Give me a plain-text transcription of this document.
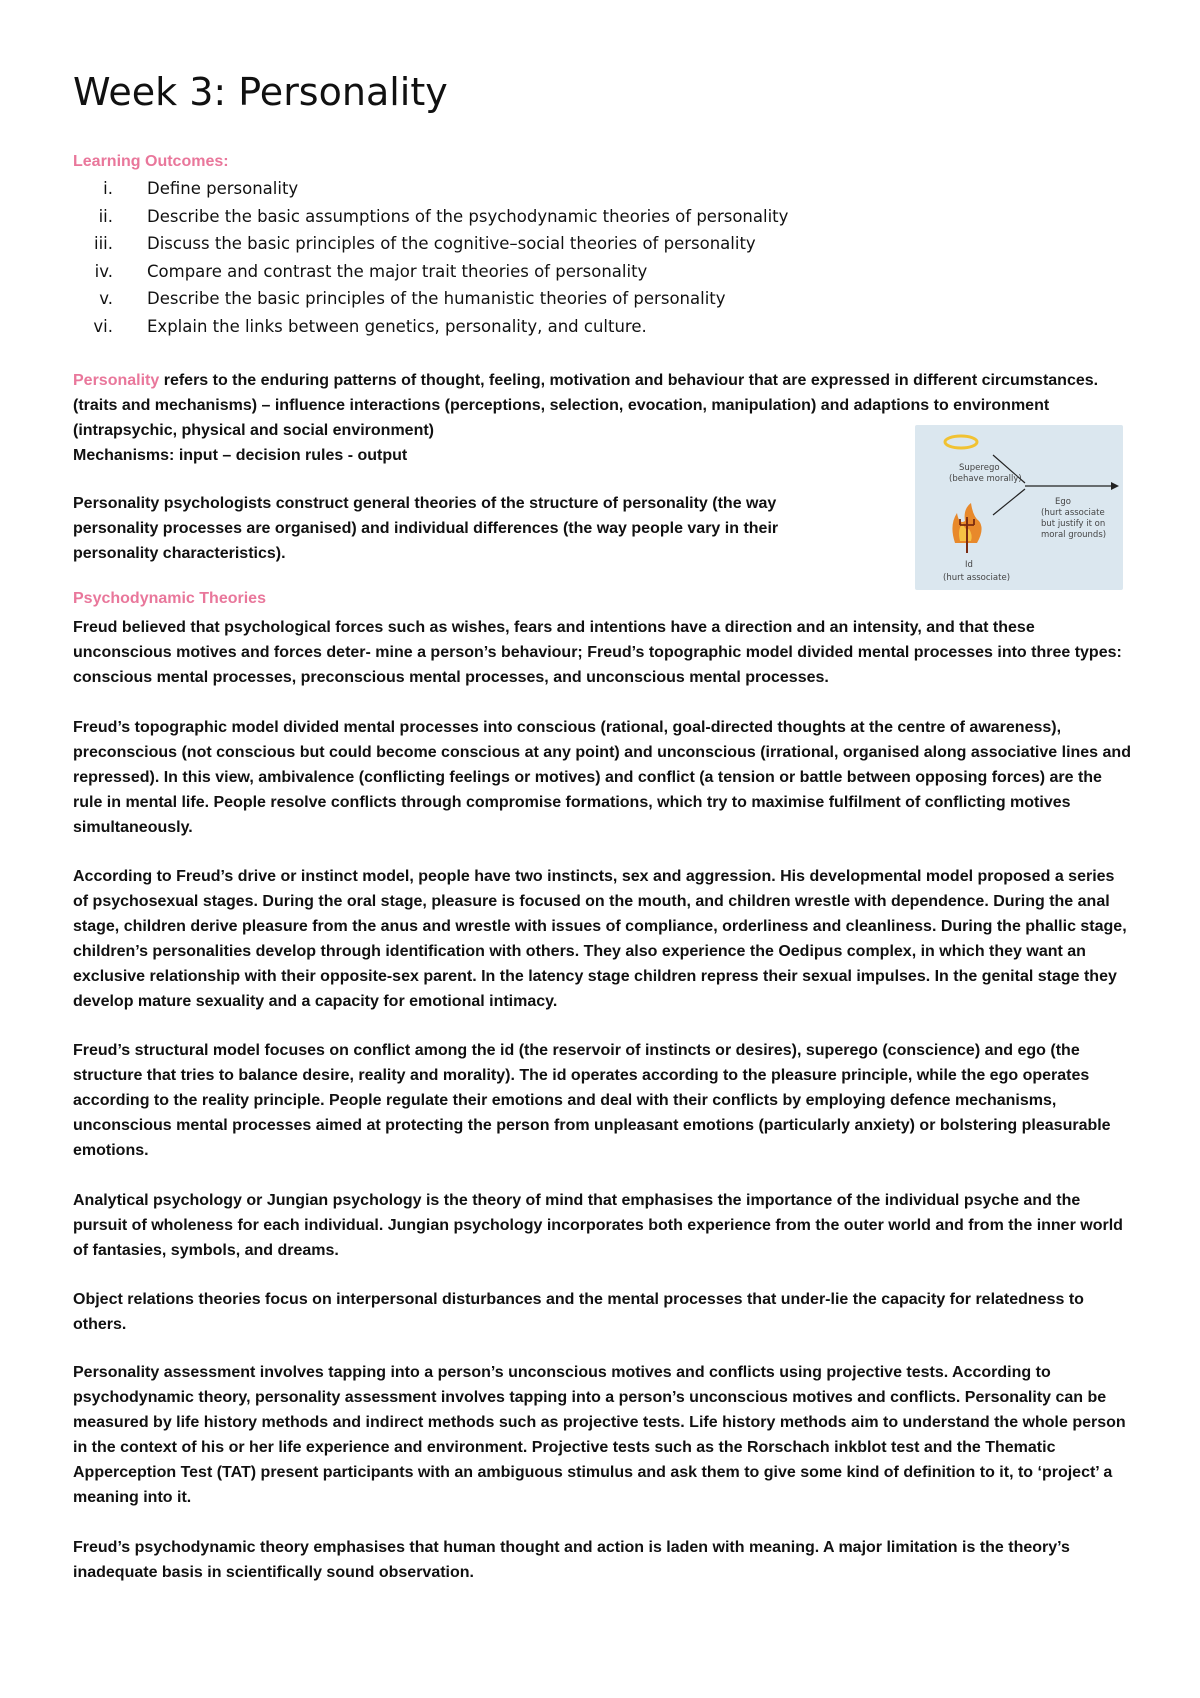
Week 3: Personality
Learning Outcomes:
i. Define personality
ii. Describe the basic assumptions of the psychodynamic theories of personality
iii. Discuss the basic principles of the cognitive–social theories of personality
iv. Compare and contrast the major trait theories of personality
v. Describe the basic principles of the humanistic theories of personality
vi. Explain the links between genetics, personality, and culture.

Personality refers to the enduring patterns of thought, feeling, motivation and behaviour that are expressed in different circumstances. (traits and mechanisms) – influence interactions (perceptions, selection, evocation, manipulation) and adaptions to environment (intrapsychic, physical and social environment)
Mechanisms: input – decision rules - output

Personality psychologists construct general theories of the structure of personality (the way personality processes are organised) and individual differences (the way people vary in their personality characteristics).

Psychodynamic Theories

Freud believed that psychological forces such as wishes, fears and intentions have a direction and an intensity, and that these unconscious motives and forces deter- mine a person’s behaviour; Freud’s topographic model divided mental processes into three types: conscious mental processes, preconscious mental processes, and unconscious mental processes.

Freud’s topographic model divided mental processes into conscious (rational, goal-directed thoughts at the centre of awareness), preconscious (not conscious but could become conscious at any point) and unconscious (irrational, organised along associative lines and repressed). In this view, ambivalence (conflicting feelings or motives) and conflict (a tension or battle between opposing forces) are the rule in mental life. People resolve conflicts through compromise formations, which try to maximise fulfilment of conflicting motives simultaneously.

According to Freud’s drive or instinct model, people have two instincts, sex and aggression. His developmental model proposed a series of psychosexual stages. During the oral stage, pleasure is focused on the mouth, and children wrestle with dependence. During the anal stage, children derive pleasure from the anus and wrestle with issues of compliance, orderliness and cleanliness. During the phallic stage, children’s personalities develop through identification with others. They also experience the Oedipus complex, in which they want an exclusive relationship with their opposite-sex parent. In the latency stage children repress their sexual impulses. In the genital stage they develop mature sexuality and a capacity for emotional intimacy.

Freud’s structural model focuses on conflict among the id (the reservoir of instincts or desires), superego (conscience) and ego (the structure that tries to balance desire, reality and morality). The id operates according to the pleasure principle, while the ego operates according to the reality principle. People regulate their emotions and deal with their conflicts by employing defence mechanisms, unconscious mental processes aimed at protecting the person from unpleasant emotions (particularly anxiety) or bolstering pleasurable emotions.

Analytical psychology or Jungian psychology is the theory of mind that emphasises the importance of the individual psyche and the pursuit of wholeness for each individual. Jungian psychology incorporates both experience from the outer world and from the inner world of fantasies, symbols, and dreams.

Object relations theories focus on interpersonal disturbances and the mental processes that under-lie the capacity for relatedness to others.

Personality assessment involves tapping into a person’s unconscious motives and conflicts using projective tests. According to psychodynamic theory, personality assessment involves tapping into a person’s unconscious motives and conflicts. Personality can be measured by life history methods and indirect methods such as projective tests. Life history methods aim to understand the whole person in the context of his or her life experience and environment. Projective tests such as the Rorschach inkblot test and the Thematic Apperception Test (TAT) present participants with an ambiguous stimulus and ask them to give some kind of definition to it, to ‘project’ a meaning into it.

Freud’s psychodynamic theory emphasises that human thought and action is laden with meaning. A major limitation is the theory’s inadequate basis in scientifically sound observation.

Superego
(behave morally)
Ego
(hurt associate
but justify it on
moral grounds)
Id
(hurt associate)
